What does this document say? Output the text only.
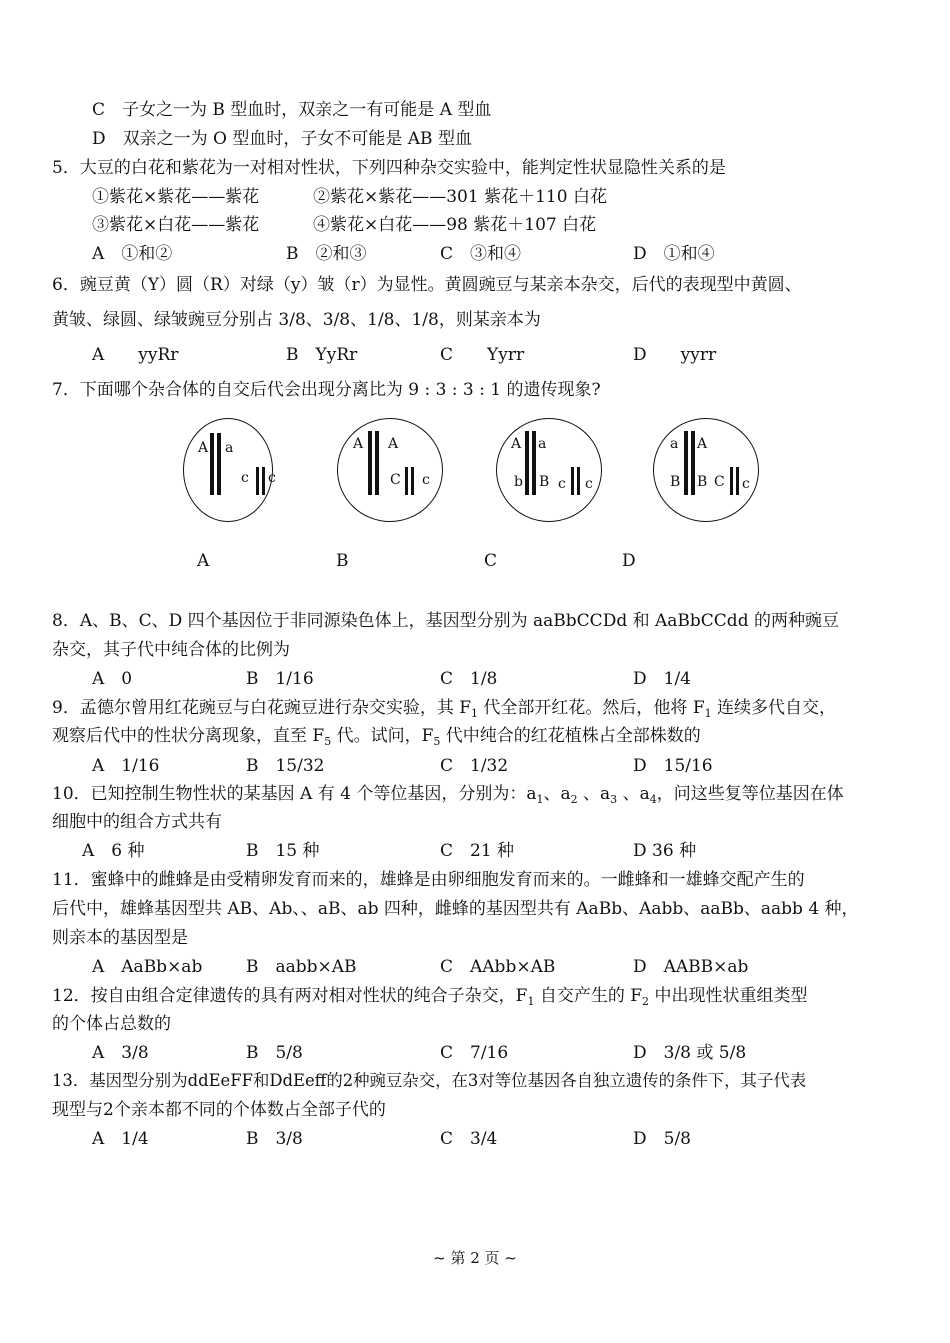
C　子女之一为 B 型血时，双亲之一有可能是 A 型血
D　双亲之一为 O 型血时，子女不可能是 AB 型血
5．大豆的白花和紫花为一对相对性状，下列四种杂交实验中，能判定性状显隐性关系的是
①紫花×紫花——紫花	②紫花×紫花——301 紫花＋110 白花
③紫花×白花——紫花	④紫花×白花——98 紫花＋107 白花
A　①和②	B　②和③	C　③和④	D　①和④
6．豌豆黄（Y）圆（R）对绿（y）皱（r）为显性。黄圆豌豆与某亲本杂交，后代的表现型中黄圆、
黄皱、绿圆、绿皱豌豆分别占 3/8、3/8、1/8、1/8，则某亲本为
A　　yyRr	B　YyRr	C　　Yyrr	D　　yyrr
7．下面哪个杂合体的自交后代会出现分离比为 9 : 3 : 3 : 1 的遗传现象?
A a
c c
A A
C c
A a
b B c c
a A
B B C c
A	B	C	D
8．A、B、C、D 四个基因位于非同源染色体上，基因型分别为 aaBbCCDd 和 AaBbCCdd 的两种豌豆
杂交，其子代中纯合体的比例为
A　0	B　1/16	C　1/8	D　1/4
9．孟德尔曾用红花豌豆与白花豌豆进行杂交实验，其 $F_1$ 代全部开红花。然后，他将 $F_1$ 连续多代自交，
观察后代中的性状分离现象，直至 $F_5$ 代。试问，$F_5$ 代中纯合的红花植株占全部株数的
A　1/16	B　15/32	C　1/32	D　15/16
10．已知控制生物性状的某基因 A 有 4 个等位基因，分别为：$a_1$、$a_2$ 、$a_3$ 、$a_4$，问这些复等位基因在体
细胞中的组合方式共有
A　6 种	B　15 种	C　21 种	D 36 种
11．蜜蜂中的雌蜂是由受精卵发育而来的，雄蜂是由卵细胞发育而来的。一雌蜂和一雄蜂交配产生的
后代中，雄蜂基因型共 AB、Ab、、aB、ab 四种，雌蜂的基因型共有 AaBb、Aabb、aaBb、aabb 4 种，
则亲本的基因型是
A　AaBb×ab	B　aabb×AB	C　AAbb×AB	D　AABB×ab
12．按自由组合定律遗传的具有两对相对性状的纯合子杂交，$F_1$ 自交产生的 $F_2$ 中出现性状重组类型
的个体占总数的
A　3/8	B　5/8	C　7/16	D　3/8 或 5/8
13．基因型分别为ddEeFF和DdEeff的2种豌豆杂交，在3对等位基因各自独立遗传的条件下，其子代表
现型与2个亲本都不同的个体数占全部子代的
A　1/4	B　3/8	C　3/4	D　5/8
~ 第 2 页 ~
